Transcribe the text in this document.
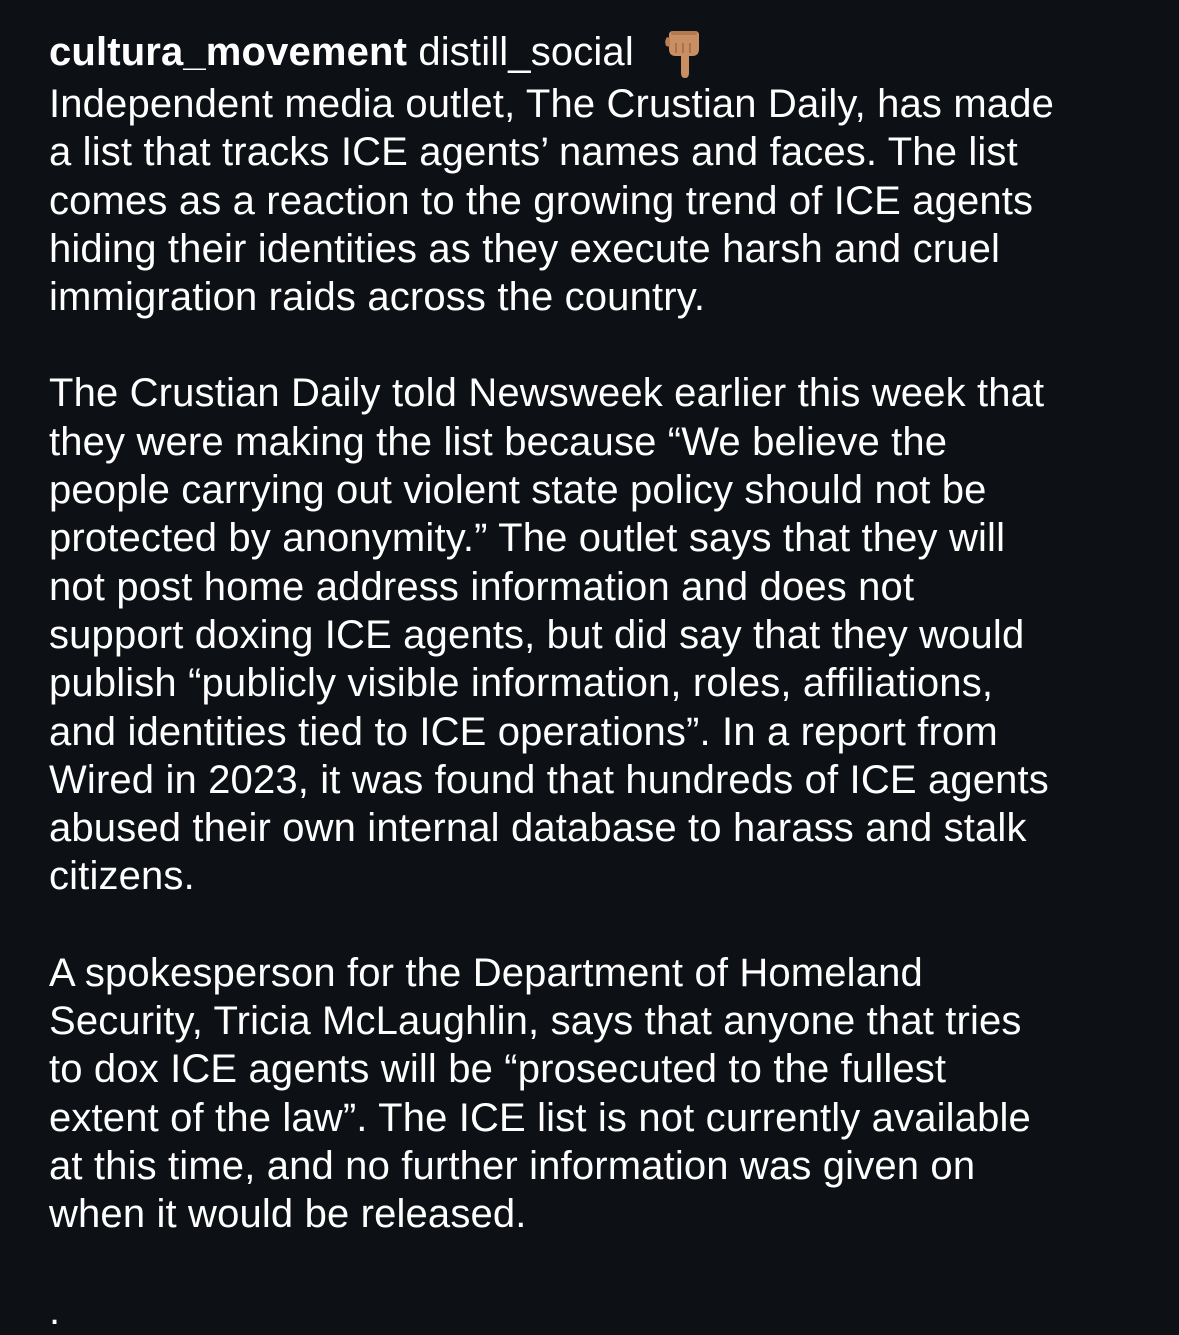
cultura_movement distill_social

Independent media outlet, The Crustian Daily, has made
a list that tracks ICE agents’ names and faces. The list
comes as a reaction to the growing trend of ICE agents
hiding their identities as they execute harsh and cruel
immigration raids across the country.

The Crustian Daily told Newsweek earlier this week that
they were making the list because “We believe the
people carrying out violent state policy should not be
protected by anonymity.” The outlet says that they will
not post home address information and does not
support doxing ICE agents, but did say that they would
publish “publicly visible information, roles, affiliations,
and identities tied to ICE operations”. In a report from
Wired in 2023, it was found that hundreds of ICE agents
abused their own internal database to harass and stalk
citizens.

A spokesperson for the Department of Homeland
Security, Tricia McLaughlin, says that anyone that tries
to dox ICE agents will be “prosecuted to the fullest
extent of the law”. The ICE list is not currently available
at this time, and no further information was given on
when it would be released.

.
